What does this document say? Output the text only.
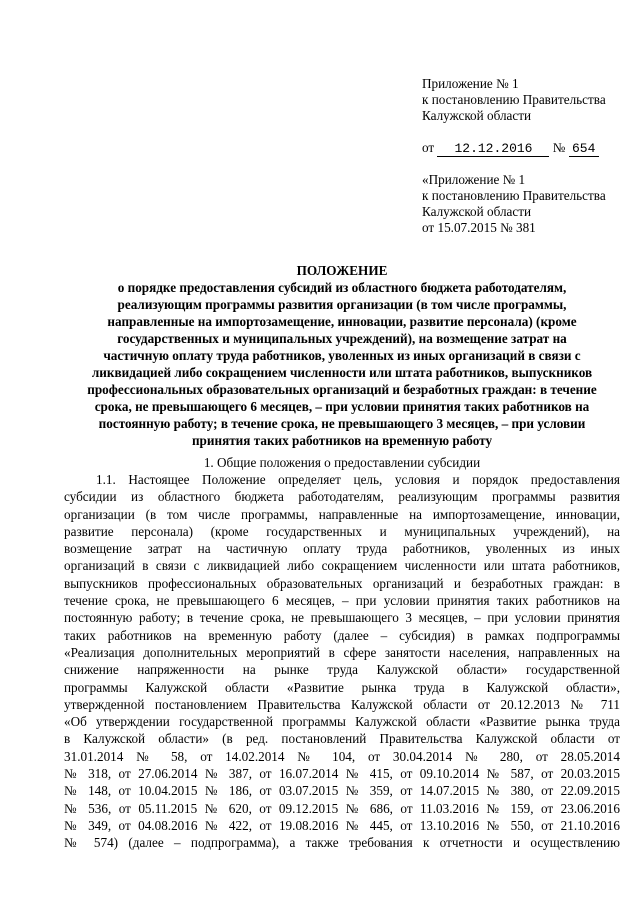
Приложение № 1
к постановлению Правительства
Калужской области
от 12.12.2016 № 654
«Приложение № 1
к постановлению Правительства
Калужской области
от 15.07.2015 № 381
ПОЛОЖЕНИЕ
о порядке предоставления субсидий из областного бюджета работодателям,
реализующим программы развития организации (в том числе программы,
направленные на импортозамещение, инновации, развитие персонала) (кроме
государственных и муниципальных учреждений), на возмещение затрат на
частичную оплату труда работников, уволенных из иных организаций в связи с
ликвидацией либо сокращением численности или штата работников, выпускников
профессиональных образовательных организаций и безработных граждан: в течение
срока, не превышающего 6 месяцев, – при условии принятия таких работников на
постоянную работу; в течение срока, не превышающего 3 месяцев, – при условии
принятия таких работников на временную работу
1. Общие положения о предоставлении субсидии
1.1. Настоящее Положение определяет цель, условия и порядок предоставления
субсидии из областного бюджета работодателям, реализующим программы развития
организации (в том числе программы, направленные на импортозамещение, инновации,
развитие персонала) (кроме государственных и муниципальных учреждений), на
возмещение затрат на частичную оплату труда работников, уволенных из иных
организаций в связи с ликвидацией либо сокращением численности или штата работников,
выпускников профессиональных образовательных организаций и безработных граждан: в
течение срока, не превышающего 6 месяцев, – при условии принятия таких работников на
постоянную работу; в течение срока, не превышающего 3 месяцев, – при условии принятия
таких работников на временную работу (далее – субсидия) в рамках подпрограммы
«Реализация дополнительных мероприятий в сфере занятости населения, направленных на
снижение напряженности на рынке труда Калужской области» государственной
программы Калужской области «Развитие рынка труда в Калужской области»,
утвержденной постановлением Правительства Калужской области от 20.12.2013 № 711
«Об утверждении государственной программы Калужской области «Развитие рынка труда
в Калужской области» (в ред. постановлений Правительства Калужской области от
31.01.2014 № 58, от 14.02.2014 № 104, от 30.04.2014 № 280, от 28.05.2014
№ 318, от 27.06.2014 № 387, от 16.07.2014 № 415, от 09.10.2014 № 587, от 20.03.2015
№ 148, от 10.04.2015 № 186, от 03.07.2015 № 359, от 14.07.2015 № 380, от 22.09.2015
№ 536, от 05.11.2015 № 620, от 09.12.2015 № 686, от 11.03.2016 № 159, от 23.06.2016
№ 349, от 04.08.2016 № 422, от 19.08.2016 № 445, от 13.10.2016 № 550, от 21.10.2016
№ 574) (далее – подпрограмма), а также требования к отчетности и осуществлению
